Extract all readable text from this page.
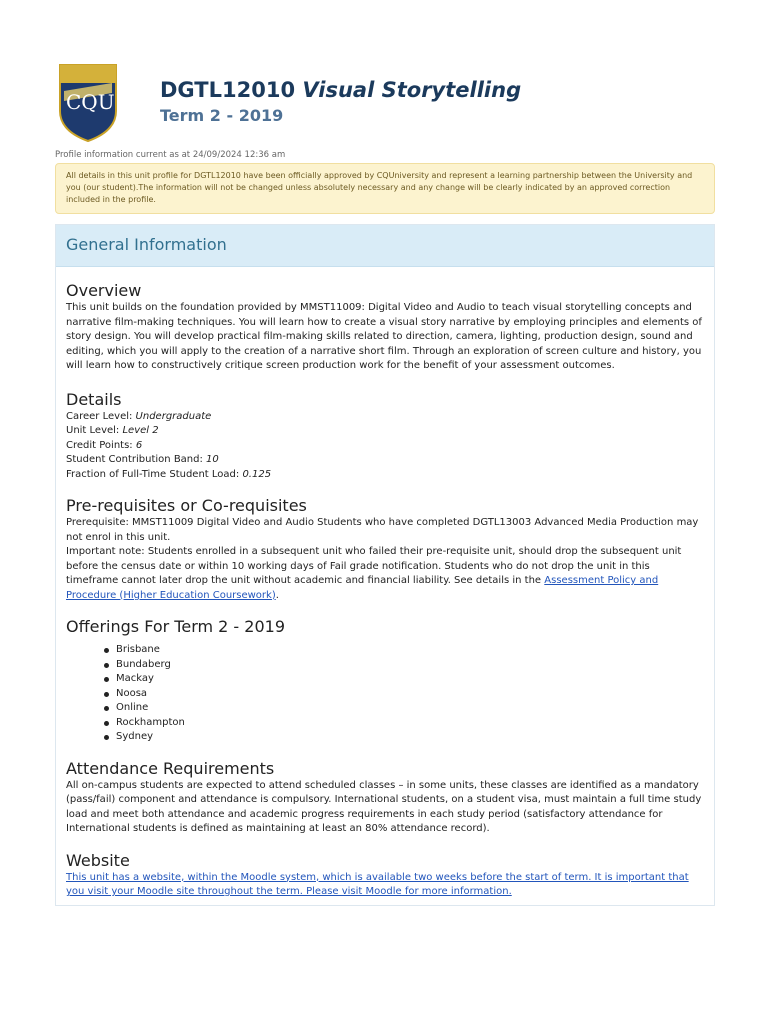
CQU DGTL12010 Visual Storytelling
Term 2 - 2019
Profile information current as at 24/09/2024 12:36 am
All details in this unit profile for DGTL12010 have been officially approved by CQUniversity and represent a learning partnership between the University and you (our student).The information will not be changed unless absolutely necessary and any change will be clearly indicated by an approved correction included in the profile.
General Information
Overview

This unit builds on the foundation provided by MMST11009: Digital Video and Audio to teach visual storytelling concepts and narrative film-making techniques. You will learn how to create a visual story narrative by employing principles and elements of story design. You will develop practical film-making skills related to direction, camera, lighting, production design, sound and editing, which you will apply to the creation of a narrative short film. Through an exploration of screen culture and history, you will learn how to constructively critique screen production work for the benefit of your assessment outcomes.

Details
Career Level: Undergraduate
Unit Level: Level 2
Credit Points: 6
Student Contribution Band: 10
Fraction of Full-Time Student Load: 0.125
Pre-requisites or Co-requisites

Prerequisite: MMST11009 Digital Video and Audio Students who have completed DGTL13003 Advanced Media Production may not enrol in this unit.

Important note: Students enrolled in a subsequent unit who failed their pre-requisite unit, should drop the subsequent unit before the census date or within 10 working days of Fail grade notification. Students who do not drop the unit in this timeframe cannot later drop the unit without academic and financial liability. See details in the Assessment Policy and Procedure (Higher Education Coursework).

Offerings For Term 2 - 2019
Brisbane
Bundaberg
Mackay
Noosa
Online
Rockhampton
Sydney
Attendance Requirements

All on-campus students are expected to attend scheduled classes – in some units, these classes are identified as a mandatory (pass/fail) component and attendance is compulsory. International students, on a student visa, must maintain a full time study load and meet both attendance and academic progress requirements in each study period (satisfactory attendance for International students is defined as maintaining at least an 80% attendance record).

Website

This unit has a website, within the Moodle system, which is available two weeks before the start of term. It is important that you visit your Moodle site throughout the term. Please visit Moodle for more information.
